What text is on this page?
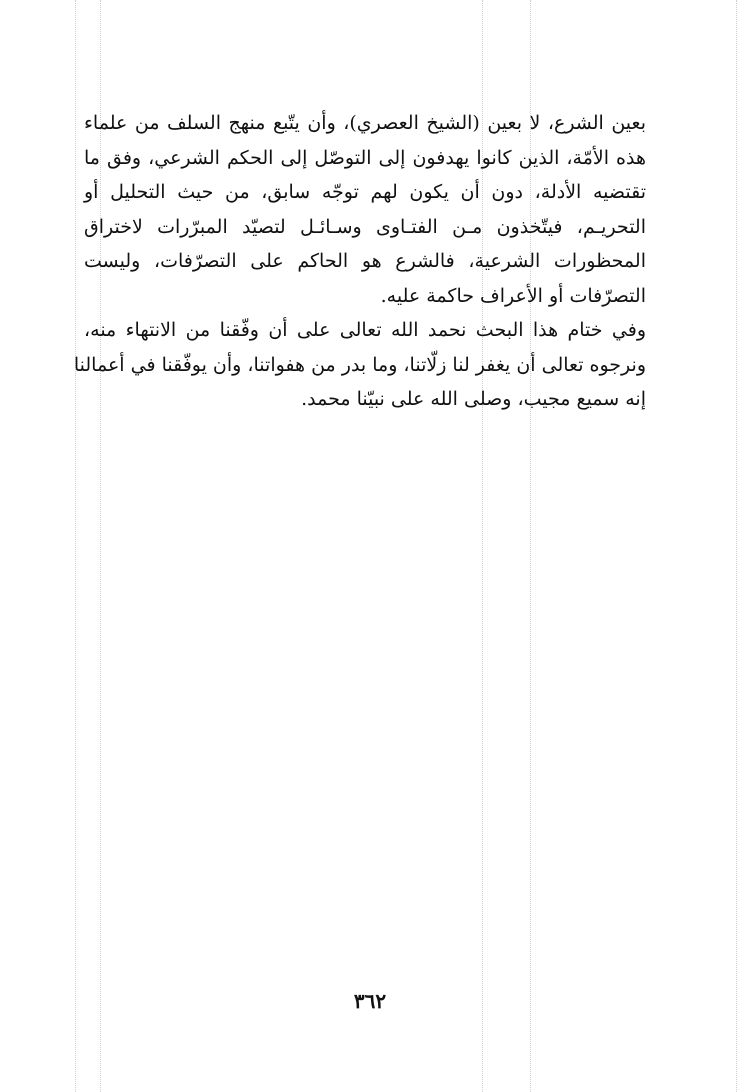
بعين الشرع، لا بعين (الشيخ العصري)، وأن يتّبع منهج السلف من علماء
هذه الأمّة، الذين كانوا يهدفون إلى التوصّل إلى الحكم الشرعي، وفق ما
تقتضيه الأدلة، دون أن يكون لهم توجّه سابق، من حيث التحليل أو
التحريـم، فيتّخذون مـن الفتـاوى وسـائـل لتصيّد المبرّرات لاختراق
المحظورات الشرعية، فالشرع هو الحاكم على التصرّفات، وليست
التصرّفات أو الأعراف حاكمة عليه.
وفي ختام هذا البحث نحمد الله تعالى على أن وفّقنا من الانتهاء منه،
ونرجوه تعالى أن يغفر لنا زلّاتنا، وما بدر من هفواتنا، وأن يوفّقنا في أعمالنا
إنه سميع مجيب، وصلى الله على نبيّنا محمد.
٣٦٢
